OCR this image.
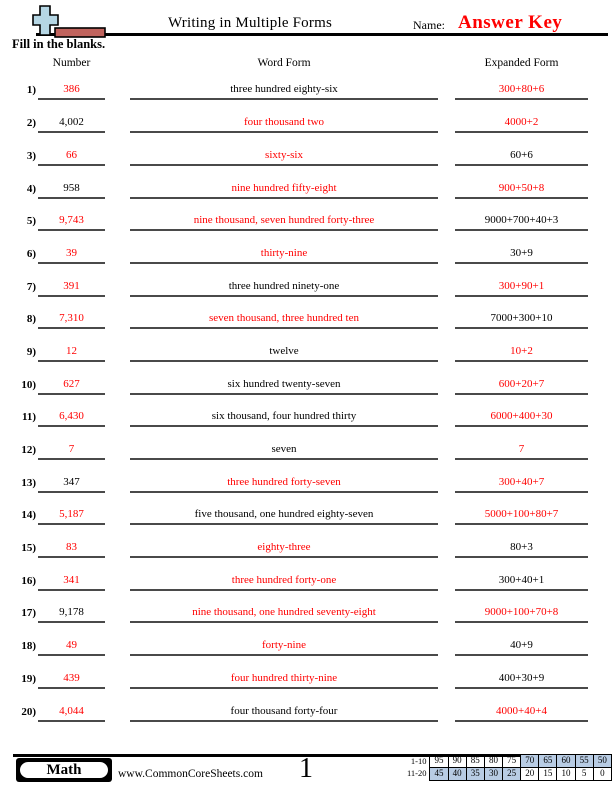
Writing in Multiple Forms	Name: Answer Key
Fill in the blanks.
Number	Word Form	Expanded Form
1)	386	three hundred eighty-six	300+80+6
2)	4,002	four thousand two	4000+2
3)	66	sixty-six	60+6
4)	958	nine hundred fifty-eight	900+50+8
5)	9,743	nine thousand, seven hundred forty-three	9000+700+40+3
6)	39	thirty-nine	30+9
7)	391	three hundred ninety-one	300+90+1
8)	7,310	seven thousand, three hundred ten	7000+300+10
9)	12	twelve	10+2
10)	627	six hundred twenty-seven	600+20+7
11)	6,430	six thousand, four hundred thirty	6000+400+30
12)	7	seven	7
13)	347	three hundred forty-seven	300+40+7
14)	5,187	five thousand, one hundred eighty-seven	5000+100+80+7
15)	83	eighty-three	80+3
16)	341	three hundred forty-one	300+40+1
17)	9,178	nine thousand, one hundred seventy-eight	9000+100+70+8
18)	49	forty-nine	40+9
19)	439	four hundred thirty-nine	400+30+9
20)	4,044	four thousand forty-four	4000+40+4
Math	www.CommonCoreSheets.com	1	1-10	95	90	85	80	75	70	65	60	55	50
11-20	45	40	35	30	25	20	15	10	5	0
